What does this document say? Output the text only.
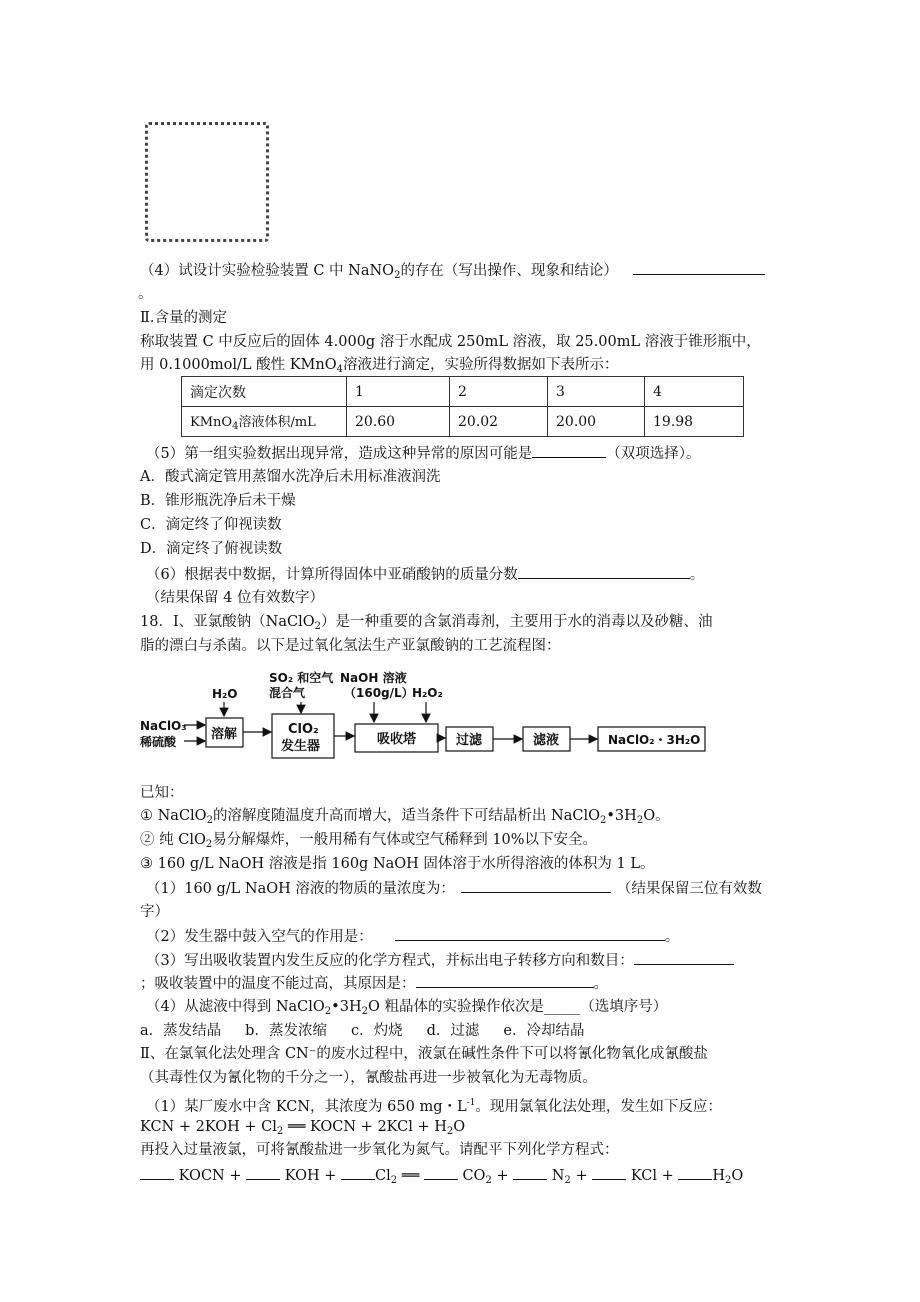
（4）试设计实验检验装置 C 中 NaNO$_2$的存在（写出操作、现象和结论）
。
Ⅱ.含量的测定
称取装置 C 中反应后的固体 4.000g 溶于水配成 250mL 溶液，取 25.00mL 溶液于锥形瓶中，
用 0.1000mol/L 酸性 KMnO$_4$溶液进行滴定，实验所得数据如下表所示：
滴定次数	1	2	3	4
KMnO$_4$溶液体积/mL	20.60	20.02	20.00	19.98
（5）第一组实验数据出现异常，造成这种异常的原因可能是	（双项选择）。
A．酸式滴定管用蒸馏水洗净后未用标准液润洗
B．锥形瓶洗净后未干燥
C．滴定终了仰视读数
D．滴定终了俯视读数
（6）根据表中数据，计算所得固体中亚硝酸钠的质量分数	。
（结果保留 4 位有效数字）
18．Ⅰ、亚氯酸钠（NaClO$_2$）是一种重要的含氯消毒剂，主要用于水的消毒以及砂糖、油
脂的漂白与杀菌。以下是过氧化氢法生产亚氯酸钠的工艺流程图：
NaClO₃
稀硫酸
H₂O
SO₂ 和空气
混合气
NaOH 溶液
（160g/L）
H₂O₂
溶解	ClO₂
发生器	吸收塔	过滤	滤液	NaClO₂・3H₂O
已知：
① NaClO$_2$的溶解度随温度升高而增大，适当条件下可结晶析出 $NaClO_2•3H_2O$。
② 纯 ClO$_2$易分解爆炸，一般用稀有气体或空气稀释到 10%以下安全。
③ 160 g/L NaOH 溶液是指 160g NaOH 固体溶于水所得溶液的体积为 1 L。
（1）160 g/L NaOH 溶液的物质的量浓度为：	（结果保留三位有效数
字）
（2）发生器中鼓入空气的作用是：	。
（3）写出吸收装置内发生反应的化学方程式，并标出电子转移方向和数目：
；吸收装置中的温度不能过高，其原因是：	。
（4）从滤液中得到 $NaClO_2•3H_2O$ 粗晶体的实验操作依次是_____（选填序号）
a．蒸发结晶 b．蒸发浓缩 c．灼烧 d．过滤 e．冷却结晶
Ⅱ、在氯氧化法处理含 CN⁻的废水过程中，液氯在碱性条件下可以将氰化物氧化成氰酸盐
（其毒性仅为氰化物的千分之一），氰酸盐再进一步被氧化为无毒物质。
（1）某厂废水中含 KCN，其浓度为 650 mg・$L^{-1}$。现用氯氧化法处理，发生如下反应：
KCN + $2KOH + Cl_2$ ══ KOCN + $2KCl + H_2O$
再投入过量液氯，可将氰酸盐进一步氧化为氮气。请配平下列化学方程式：
KOCN +  KOH + $Cl_2$ ══  $CO_2 + N_2$ +  KCl + $H_2O$
